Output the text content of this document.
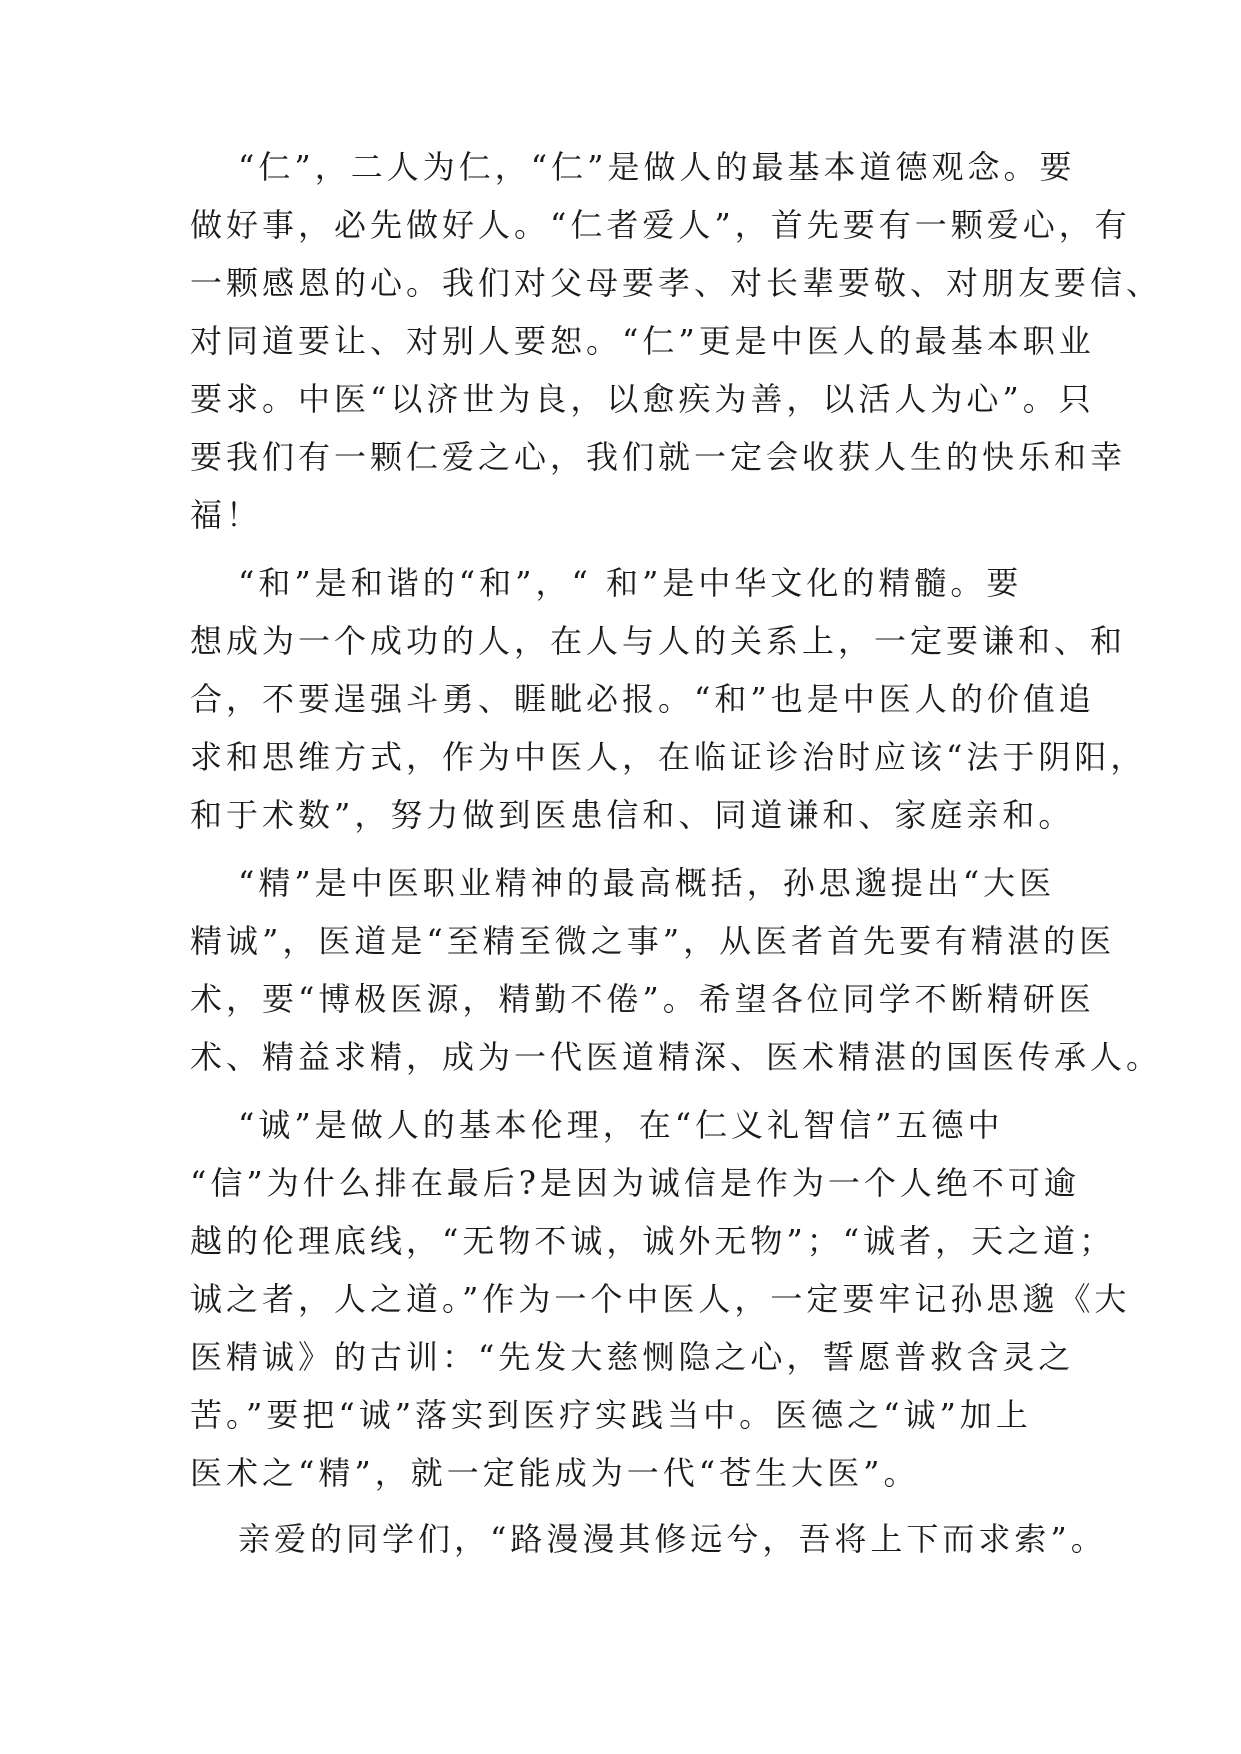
“仁”，二人为仁，“仁”是做人的最基本道德观念。要
做好事，必先做好人。“仁者爱人”，首先要有一颗爱心，有
一颗感恩的心。我们对父母要孝、对长辈要敬、对朋友要信、
对同道要让、对别人要恕。“仁”更是中医人的最基本职业
要求。中医“以济世为良，以愈疾为善，以活人为心”。只
要我们有一颗仁爱之心，我们就一定会收获人生的快乐和幸
福！
“和”是和谐的“和”，“ 和”是中华文化的精髓。要
想成为一个成功的人，在人与人的关系上，一定要谦和、和
合，不要逞强斗勇、睚眦必报。“和”也是中医人的价值追
求和思维方式，作为中医人，在临证诊治时应该“法于阴阳，
和于术数”，努力做到医患信和、同道谦和、家庭亲和。
“精”是中医职业精神的最高概括，孙思邈提出“大医
精诚”，医道是“至精至微之事”，从医者首先要有精湛的医
术，要“博极医源，精勤不倦”。希望各位同学不断精研医
术、精益求精，成为一代医道精深、医术精湛的国医传承人。
“诚”是做人的基本伦理，在“仁义礼智信”五德中
“信”为什么排在最后?是因为诚信是作为一个人绝不可逾
越的伦理底线，“无物不诚，诚外无物”；“诚者，天之道；
诚之者，人之道。”作为一个中医人，一定要牢记孙思邈《大
医精诚》的古训：“先发大慈恻隐之心，誓愿普救含灵之
苦。”要把“诚”落实到医疗实践当中。医德之“诚”加上
医术之“精”，就一定能成为一代“苍生大医”。
亲爱的同学们，“路漫漫其修远兮，吾将上下而求索”。
